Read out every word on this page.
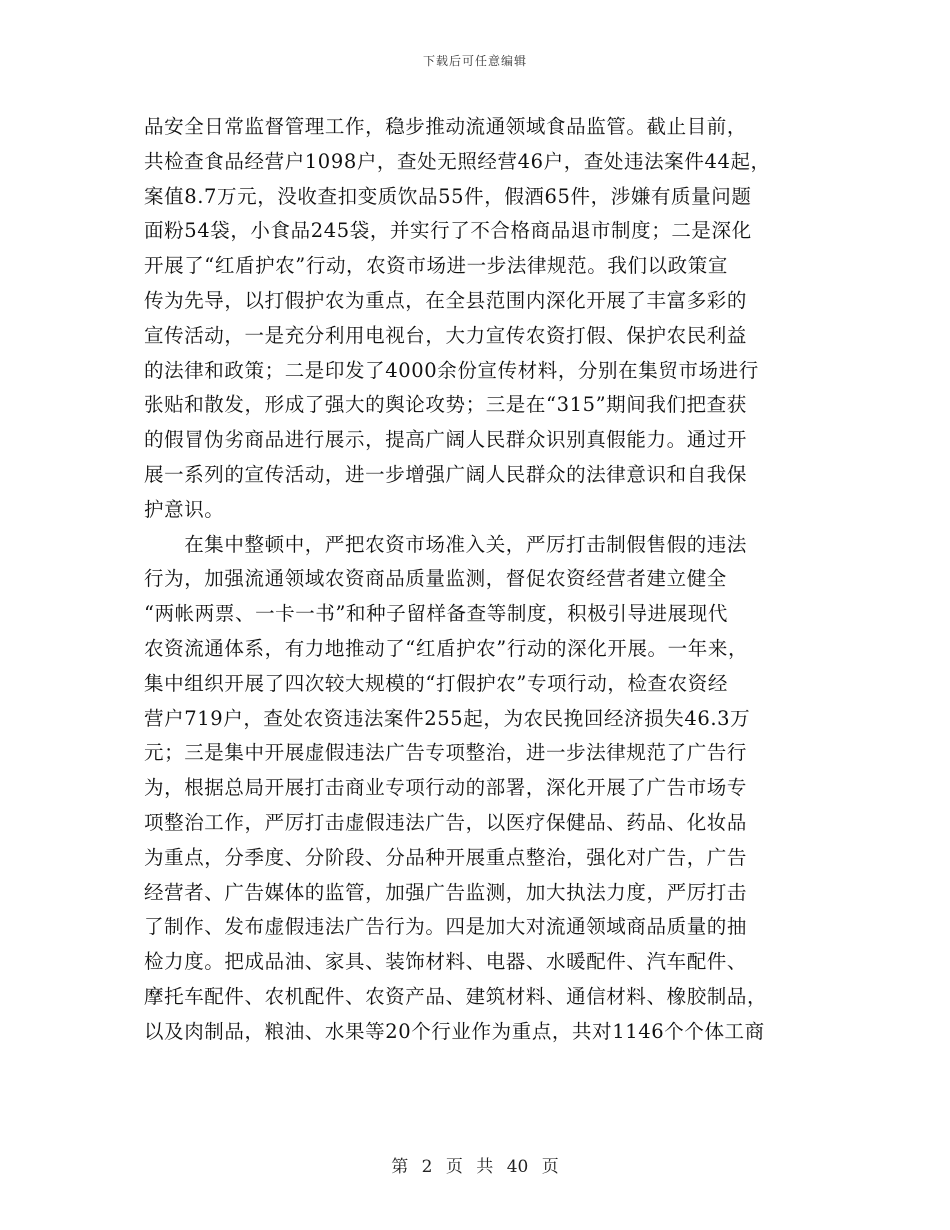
下载后可任意编辑
品安全日常监督管理工作，稳步推动流通领域食品监管。截止目前，
共检查食品经营户1098户，查处无照经营46户，查处违法案件44起，
案值8.7万元，没收查扣变质饮品55件，假酒65件，涉嫌有质量问题
面粉54袋，小食品245袋，并实行了不合格商品退市制度；二是深化
开展了“红盾护农”行动，农资市场进一步法律规范。我们以政策宣
传为先导，以打假护农为重点，在全县范围内深化开展了丰富多彩的
宣传活动，一是充分利用电视台，大力宣传农资打假、保护农民利益
的法律和政策；二是印发了4000余份宣传材料，分别在集贸市场进行
张贴和散发，形成了强大的舆论攻势；三是在“315”期间我们把查获
的假冒伪劣商品进行展示，提高广阔人民群众识别真假能力。通过开
展一系列的宣传活动，进一步增强广阔人民群众的法律意识和自我保
护意识。
　　在集中整顿中，严把农资市场准入关，严厉打击制假售假的违法
行为，加强流通领域农资商品质量监测，督促农资经营者建立健全
“两帐两票、一卡一书”和种子留样备查等制度，积极引导进展现代
农资流通体系，有力地推动了“红盾护农”行动的深化开展。一年来，
集中组织开展了四次较大规模的“打假护农”专项行动，检查农资经
营户719户，查处农资违法案件255起，为农民挽回经济损失46.3万
元；三是集中开展虚假违法广告专项整治，进一步法律规范了广告行
为，根据总局开展打击商业专项行动的部署，深化开展了广告市场专
项整治工作，严厉打击虚假违法广告，以医疗保健品、药品、化妆品
为重点，分季度、分阶段、分品种开展重点整治，强化对广告，广告
经营者、广告媒体的监管，加强广告监测，加大执法力度，严厉打击
了制作、发布虚假违法广告行为。四是加大对流通领域商品质量的抽
检力度。把成品油、家具、装饰材料、电器、水暖配件、汽车配件、
摩托车配件、农机配件、农资产品、建筑材料、通信材料、橡胶制品，
以及肉制品，粮油、水果等20个行业作为重点，共对1146个个体工商
第 2 页 共 40 页
